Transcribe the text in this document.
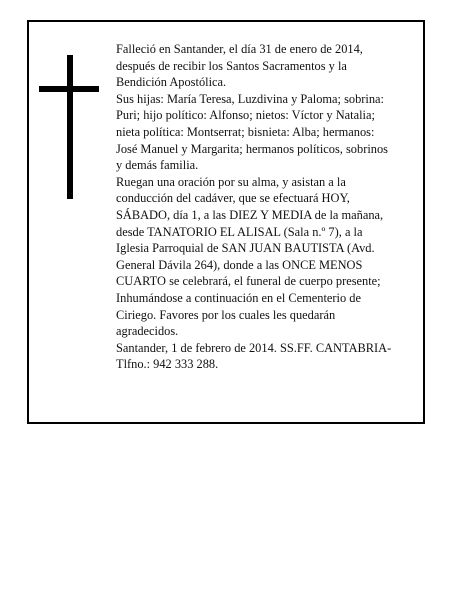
Falleció en Santander, el día 31 de enero de 2014,
después de recibir los Santos Sacramentos y la
Bendición Apostólica.
Sus hijas: María Teresa, Luzdivina y Paloma; sobrina:
Puri; hijo político: Alfonso; nietos: Víctor y Natalia;
nieta política: Montserrat; bisnieta: Alba; hermanos:
José Manuel y Margarita; hermanos políticos, sobrinos
y demás familia.
Ruegan una oración por su alma, y asistan a la
conducción del cadáver, que se efectuará HOY,
SÁBADO, día 1, a las DIEZ Y MEDIA de la mañana,
desde TANATORIO EL ALISAL (Sala n.º 7), a la
Iglesia Parroquial de SAN JUAN BAUTISTA (Avd.
General Dávila 264), donde a las ONCE MENOS
CUARTO se celebrará, el funeral de cuerpo presente;
Inhumándose a continuación en el Cementerio de
Ciriego. Favores por los cuales les quedarán
agradecidos.
Santander, 1 de febrero de 2014. SS.FF. CANTABRIA-
Tlfno.: 942 333 288.
